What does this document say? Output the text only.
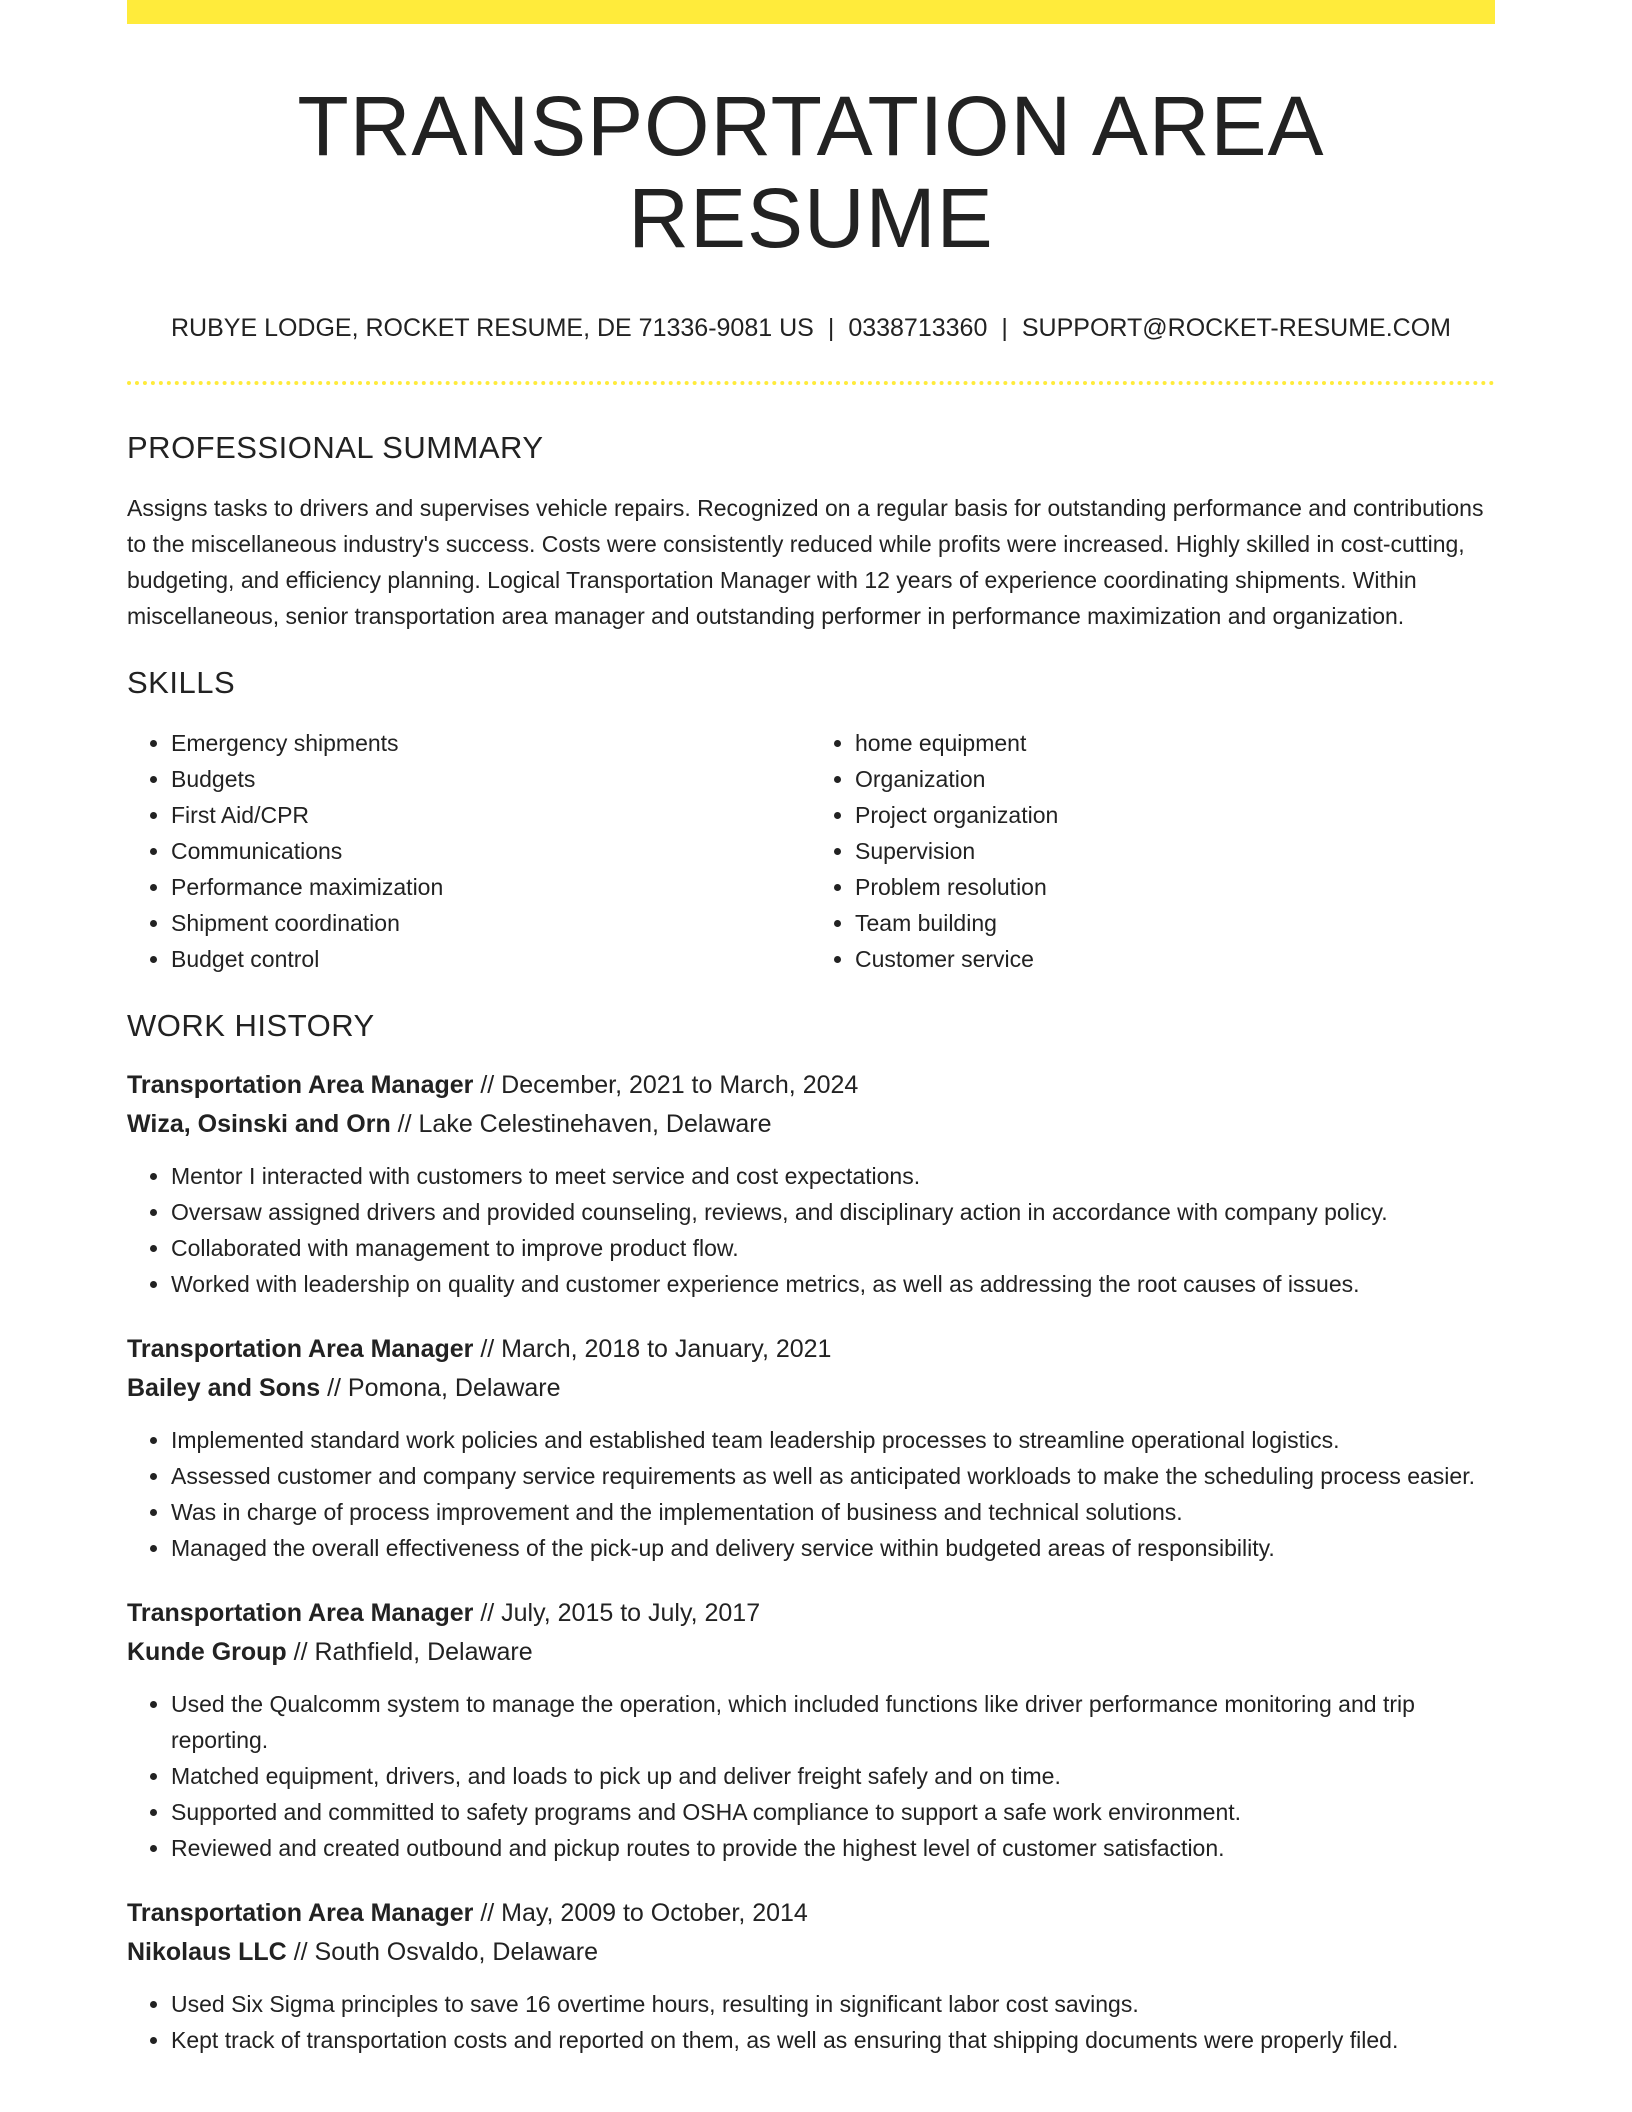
TRANSPORTATION AREA RESUME
RUBYE LODGE, ROCKET RESUME, DE 71336-9081 US | 0338713360 | SUPPORT@ROCKET-RESUME.COM
PROFESSIONAL SUMMARY

Assigns tasks to drivers and supervises vehicle repairs. Recognized on a regular basis for outstanding performance and contributions to the miscellaneous industry's success. Costs were consistently reduced while profits were increased. Highly skilled in cost-cutting, budgeting, and efficiency planning. Logical Transportation Manager with 12 years of experience coordinating shipments. Within miscellaneous, senior transportation area manager and outstanding performer in performance maximization and organization.

SKILLS
• Emergency shipments
• Budgets
• First Aid/CPR
• Communications
• Performance maximization
• Shipment coordination
• Budget control
• home equipment
• Organization
• Project organization
• Supervision
• Problem resolution
• Team building
• Customer service
WORK HISTORY
Transportation Area Manager // December, 2021 to March, 2024
Wiza, Osinski and Orn // Lake Celestinehaven, Delaware
• Mentor I interacted with customers to meet service and cost expectations.
• Oversaw assigned drivers and provided counseling, reviews, and disciplinary action in accordance with company policy.
• Collaborated with management to improve product flow.
• Worked with leadership on quality and customer experience metrics, as well as addressing the root causes of issues.
Transportation Area Manager // March, 2018 to January, 2021
Bailey and Sons // Pomona, Delaware
• Implemented standard work policies and established team leadership processes to streamline operational logistics.
• Assessed customer and company service requirements as well as anticipated workloads to make the scheduling process easier.
• Was in charge of process improvement and the implementation of business and technical solutions.
• Managed the overall effectiveness of the pick-up and delivery service within budgeted areas of responsibility.
Transportation Area Manager // July, 2015 to July, 2017
Kunde Group // Rathfield, Delaware
• Used the Qualcomm system to manage the operation, which included functions like driver performance monitoring and trip reporting.
• Matched equipment, drivers, and loads to pick up and deliver freight safely and on time.
• Supported and committed to safety programs and OSHA compliance to support a safe work environment.
• Reviewed and created outbound and pickup routes to provide the highest level of customer satisfaction.
Transportation Area Manager // May, 2009 to October, 2014
Nikolaus LLC // South Osvaldo, Delaware
• Used Six Sigma principles to save 16 overtime hours, resulting in significant labor cost savings.
• Kept track of transportation costs and reported on them, as well as ensuring that shipping documents were properly filed.
